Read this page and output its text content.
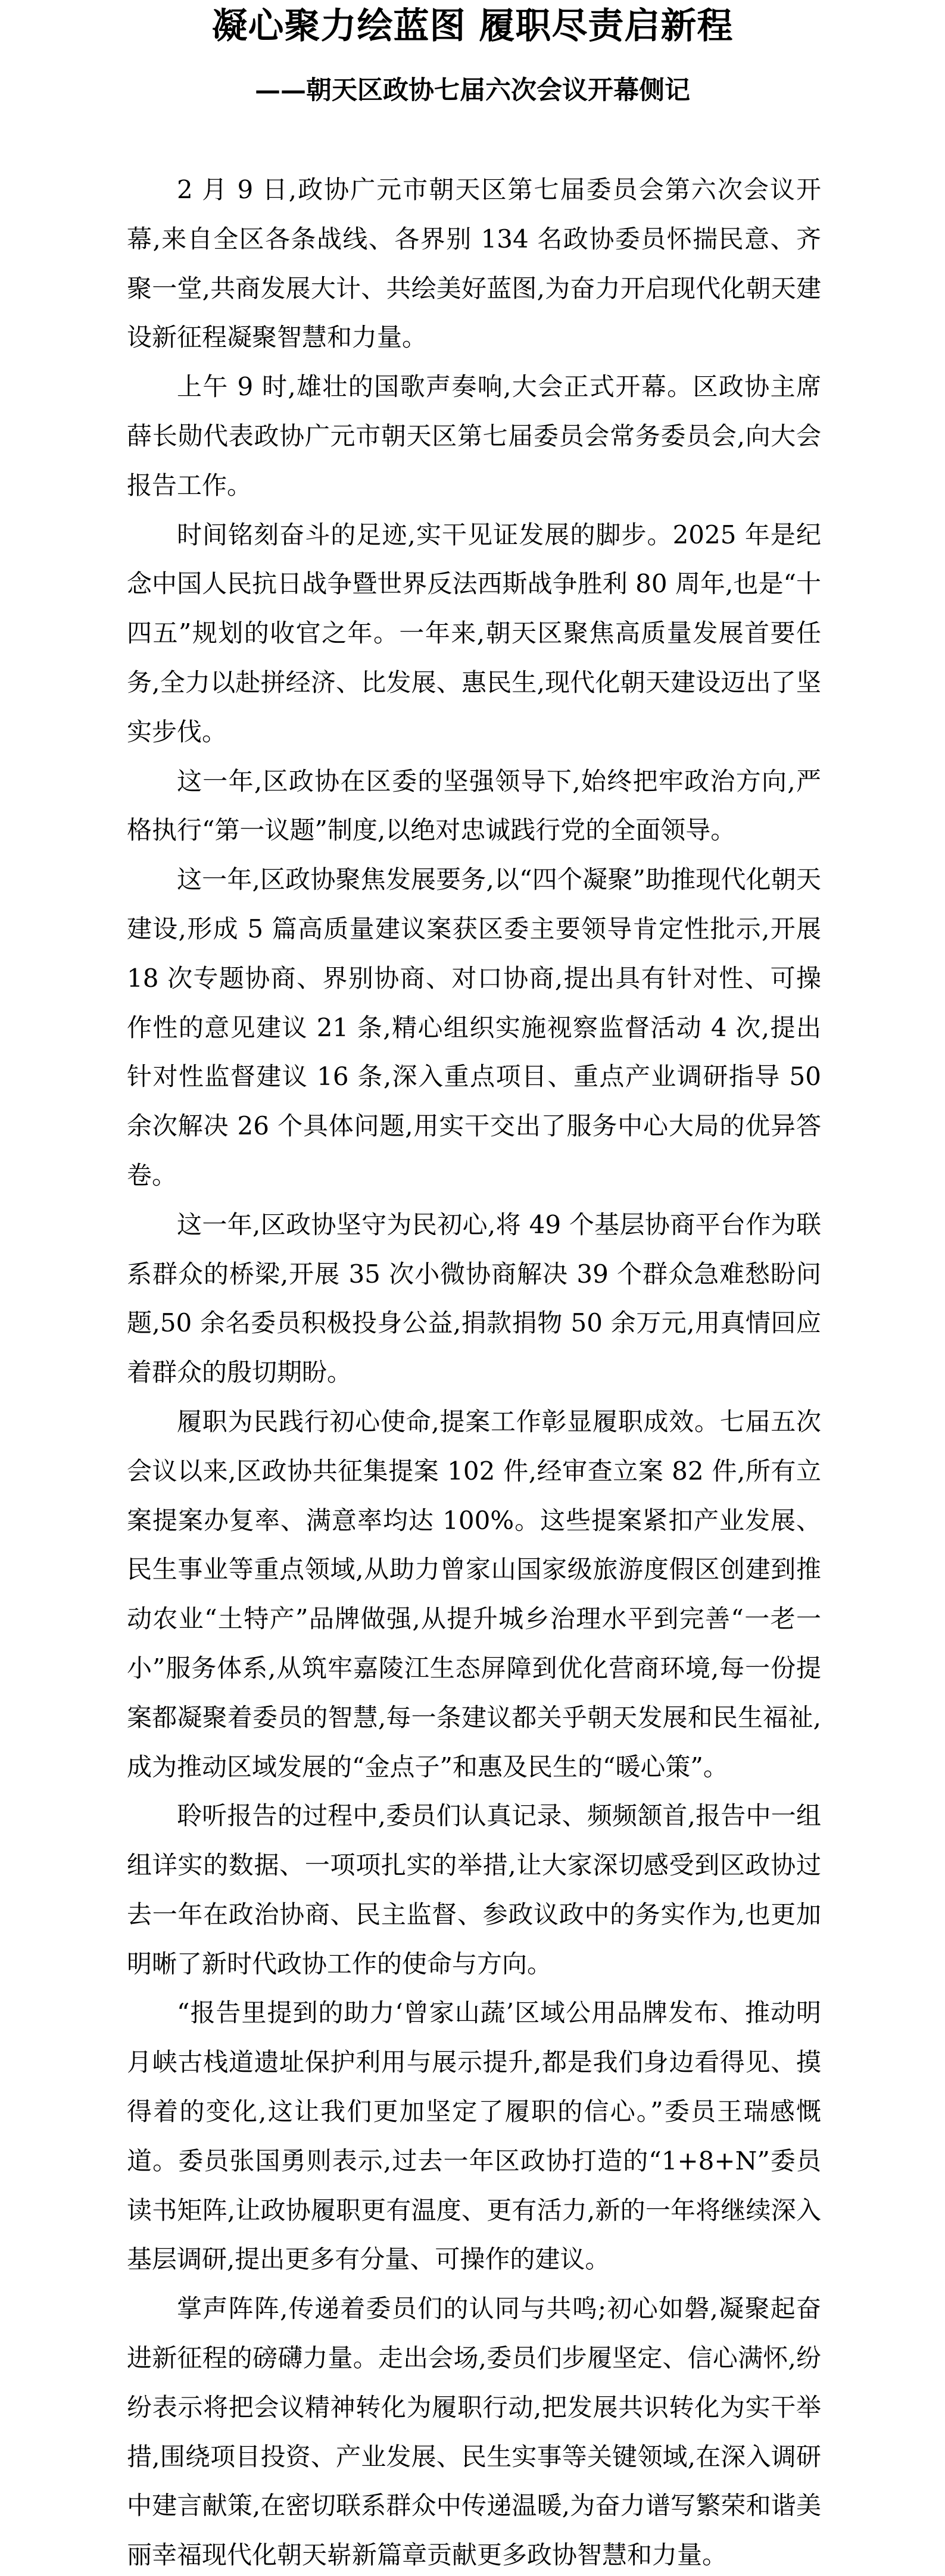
凝心聚力绘蓝图 履职尽责启新程
——朝天区政协七届六次会议开幕侧记

2 月 9 日,政协广元市朝天区第七届委员会第六次会议开幕,来自全区各条战线、各界别 134 名政协委员怀揣民意、齐聚一堂,共商发展大计、共绘美好蓝图,为奋力开启现代化朝天建设新征程凝聚智慧和力量。

上午 9 时,雄壮的国歌声奏响,大会正式开幕。区政协主席薛长勋代表政协广元市朝天区第七届委员会常务委员会,向大会报告工作。

时间铭刻奋斗的足迹,实干见证发展的脚步。2025 年是纪念中国人民抗日战争暨世界反法西斯战争胜利 80 周年,也是“十四五”规划的收官之年。一年来,朝天区聚焦高质量发展首要任务,全力以赴拼经济、比发展、惠民生,现代化朝天建设迈出了坚实步伐。

这一年,区政协在区委的坚强领导下,始终把牢政治方向,严格执行“第一议题”制度,以绝对忠诚践行党的全面领导。

这一年,区政协聚焦发展要务,以“四个凝聚”助推现代化朝天建设,形成 5 篇高质量建议案获区委主要领导肯定性批示,开展 18 次专题协商、界别协商、对口协商,提出具有针对性、可操作性的意见建议 21 条,精心组织实施视察监督活动 4 次,提出针对性监督建议 16 条,深入重点项目、重点产业调研指导 50 余次解决 26 个具体问题,用实干交出了服务中心大局的优异答卷。

这一年,区政协坚守为民初心,将 49 个基层协商平台作为联系群众的桥梁,开展 35 次小微协商解决 39 个群众急难愁盼问题,50 余名委员积极投身公益,捐款捐物 50 余万元,用真情回应着群众的殷切期盼。

履职为民践行初心使命,提案工作彰显履职成效。七届五次会议以来,区政协共征集提案 102 件,经审查立案 82 件,所有立案提案办复率、满意率均达 100%。这些提案紧扣产业发展、民生事业等重点领域,从助力曾家山国家级旅游度假区创建到推动农业“土特产”品牌做强,从提升城乡治理水平到完善“一老一小”服务体系,从筑牢嘉陵江生态屏障到优化营商环境,每一份提案都凝聚着委员的智慧,每一条建议都关乎朝天发展和民生福祉,成为推动区域发展的“金点子”和惠及民生的“暖心策”。

聆听报告的过程中,委员们认真记录、频频颔首,报告中一组组详实的数据、一项项扎实的举措,让大家深切感受到区政协过去一年在政治协商、民主监督、参政议政中的务实作为,也更加明晰了新时代政协工作的使命与方向。

“报告里提到的助力‘曾家山蔬’区域公用品牌发布、推动明月峡古栈道遗址保护利用与展示提升,都是我们身边看得见、摸得着的变化,这让我们更加坚定了履职的信心。”委员王瑞感慨道。委员张国勇则表示,过去一年区政协打造的“1+8+N”委员读书矩阵,让政协履职更有温度、更有活力,新的一年将继续深入基层调研,提出更多有分量、可操作的建议。

掌声阵阵,传递着委员们的认同与共鸣;初心如磐,凝聚起奋进新征程的磅礴力量。走出会场,委员们步履坚定、信心满怀,纷纷表示将把会议精神转化为履职行动,把发展共识转化为实干举措,围绕项目投资、产业发展、民生实事等关键领域,在深入调研中建言献策,在密切联系群众中传递温暖,为奋力谱写繁荣和谐美丽幸福现代化朝天崭新篇章贡献更多政协智慧和力量。
